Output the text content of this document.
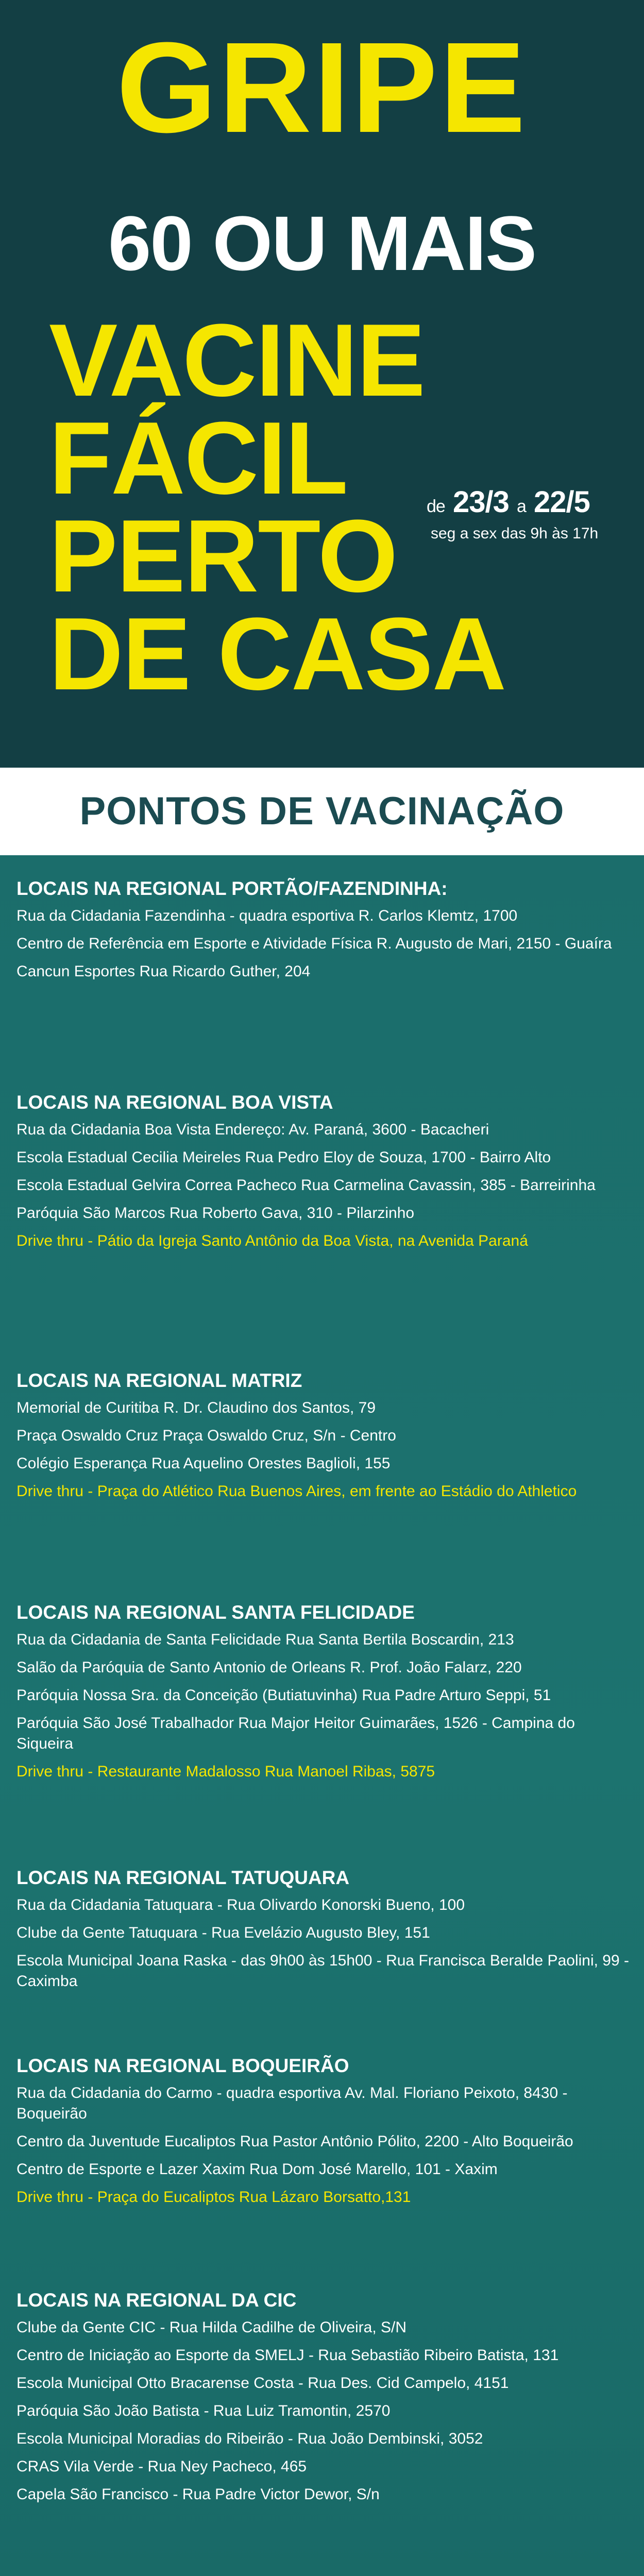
GRIPE
60 OU MAIS
VACINE
FÁCIL
PERTO
DE CASA
de 23/3 a 22/5
seg a sex das 9h às 17h
PONTOS DE VACINAÇÃO
LOCAIS NA REGIONAL PORTÃO/FAZENDINHA:
Rua da Cidadania Fazendinha - quadra esportiva R. Carlos Klemtz, 1700
Centro de Referência em Esporte e Atividade Física R. Augusto de Mari, 2150 - Guaíra
Cancun Esportes Rua Ricardo Guther, 204
LOCAIS NA REGIONAL BOA VISTA
Rua da Cidadania Boa Vista Endereço: Av. Paraná, 3600 - Bacacheri
Escola Estadual Cecilia Meireles Rua Pedro Eloy de Souza, 1700 - Bairro Alto
Escola Estadual Gelvira Correa Pacheco Rua Carmelina Cavassin, 385 - Barreirinha
Paróquia São Marcos Rua Roberto Gava, 310 - Pilarzinho
Drive thru - Pátio da Igreja Santo Antônio da Boa Vista, na Avenida Paraná
LOCAIS NA REGIONAL MATRIZ
Memorial de Curitiba R. Dr. Claudino dos Santos, 79
Praça Oswaldo Cruz Praça Oswaldo Cruz, S/n - Centro
Colégio Esperança Rua Aquelino Orestes Baglioli, 155
Drive thru - Praça do Atlético Rua Buenos Aires, em frente ao Estádio do Athletico
LOCAIS NA REGIONAL SANTA FELICIDADE
Rua da Cidadania de Santa Felicidade Rua Santa Bertila Boscardin, 213
Salão da Paróquia de Santo Antonio de Orleans R. Prof. João Falarz, 220
Paróquia Nossa Sra. da Conceição (Butiatuvinha) Rua Padre Arturo Seppi, 51
Paróquia São José Trabalhador Rua Major Heitor Guimarães, 1526 - Campina do Siqueira
Drive thru - Restaurante Madalosso Rua Manoel Ribas, 5875
LOCAIS NA REGIONAL TATUQUARA
Rua da Cidadania Tatuquara - Rua Olivardo Konorski Bueno, 100
Clube da Gente Tatuquara - Rua Evelázio Augusto Bley, 151
Escola Municipal Joana Raska - das 9h00 às 15h00 - Rua Francisca Beralde Paolini, 99 - Caximba
LOCAIS NA REGIONAL BOQUEIRÃO
Rua da Cidadania do Carmo - quadra esportiva Av. Mal. Floriano Peixoto, 8430 - Boqueirão
Centro da Juventude Eucaliptos Rua Pastor Antônio Pólito, 2200 - Alto Boqueirão
Centro de Esporte e Lazer Xaxim Rua Dom José Marello, 101 - Xaxim
Drive thru - Praça do Eucaliptos Rua Lázaro Borsatto,131
LOCAIS NA REGIONAL DA CIC
Clube da Gente CIC - Rua Hilda Cadilhe de Oliveira, S/N
Centro de Iniciação ao Esporte da SMELJ - Rua Sebastião Ribeiro Batista, 131
Escola Municipal Otto Bracarense Costa - Rua Des. Cid Campelo, 4151
Paróquia São João Batista - Rua Luiz Tramontin, 2570
Escola Municipal Moradias do Ribeirão - Rua João Dembinski, 3052
CRAS Vila Verde - Rua Ney Pacheco, 465
Capela São Francisco - Rua Padre Victor Dewor, S/n
